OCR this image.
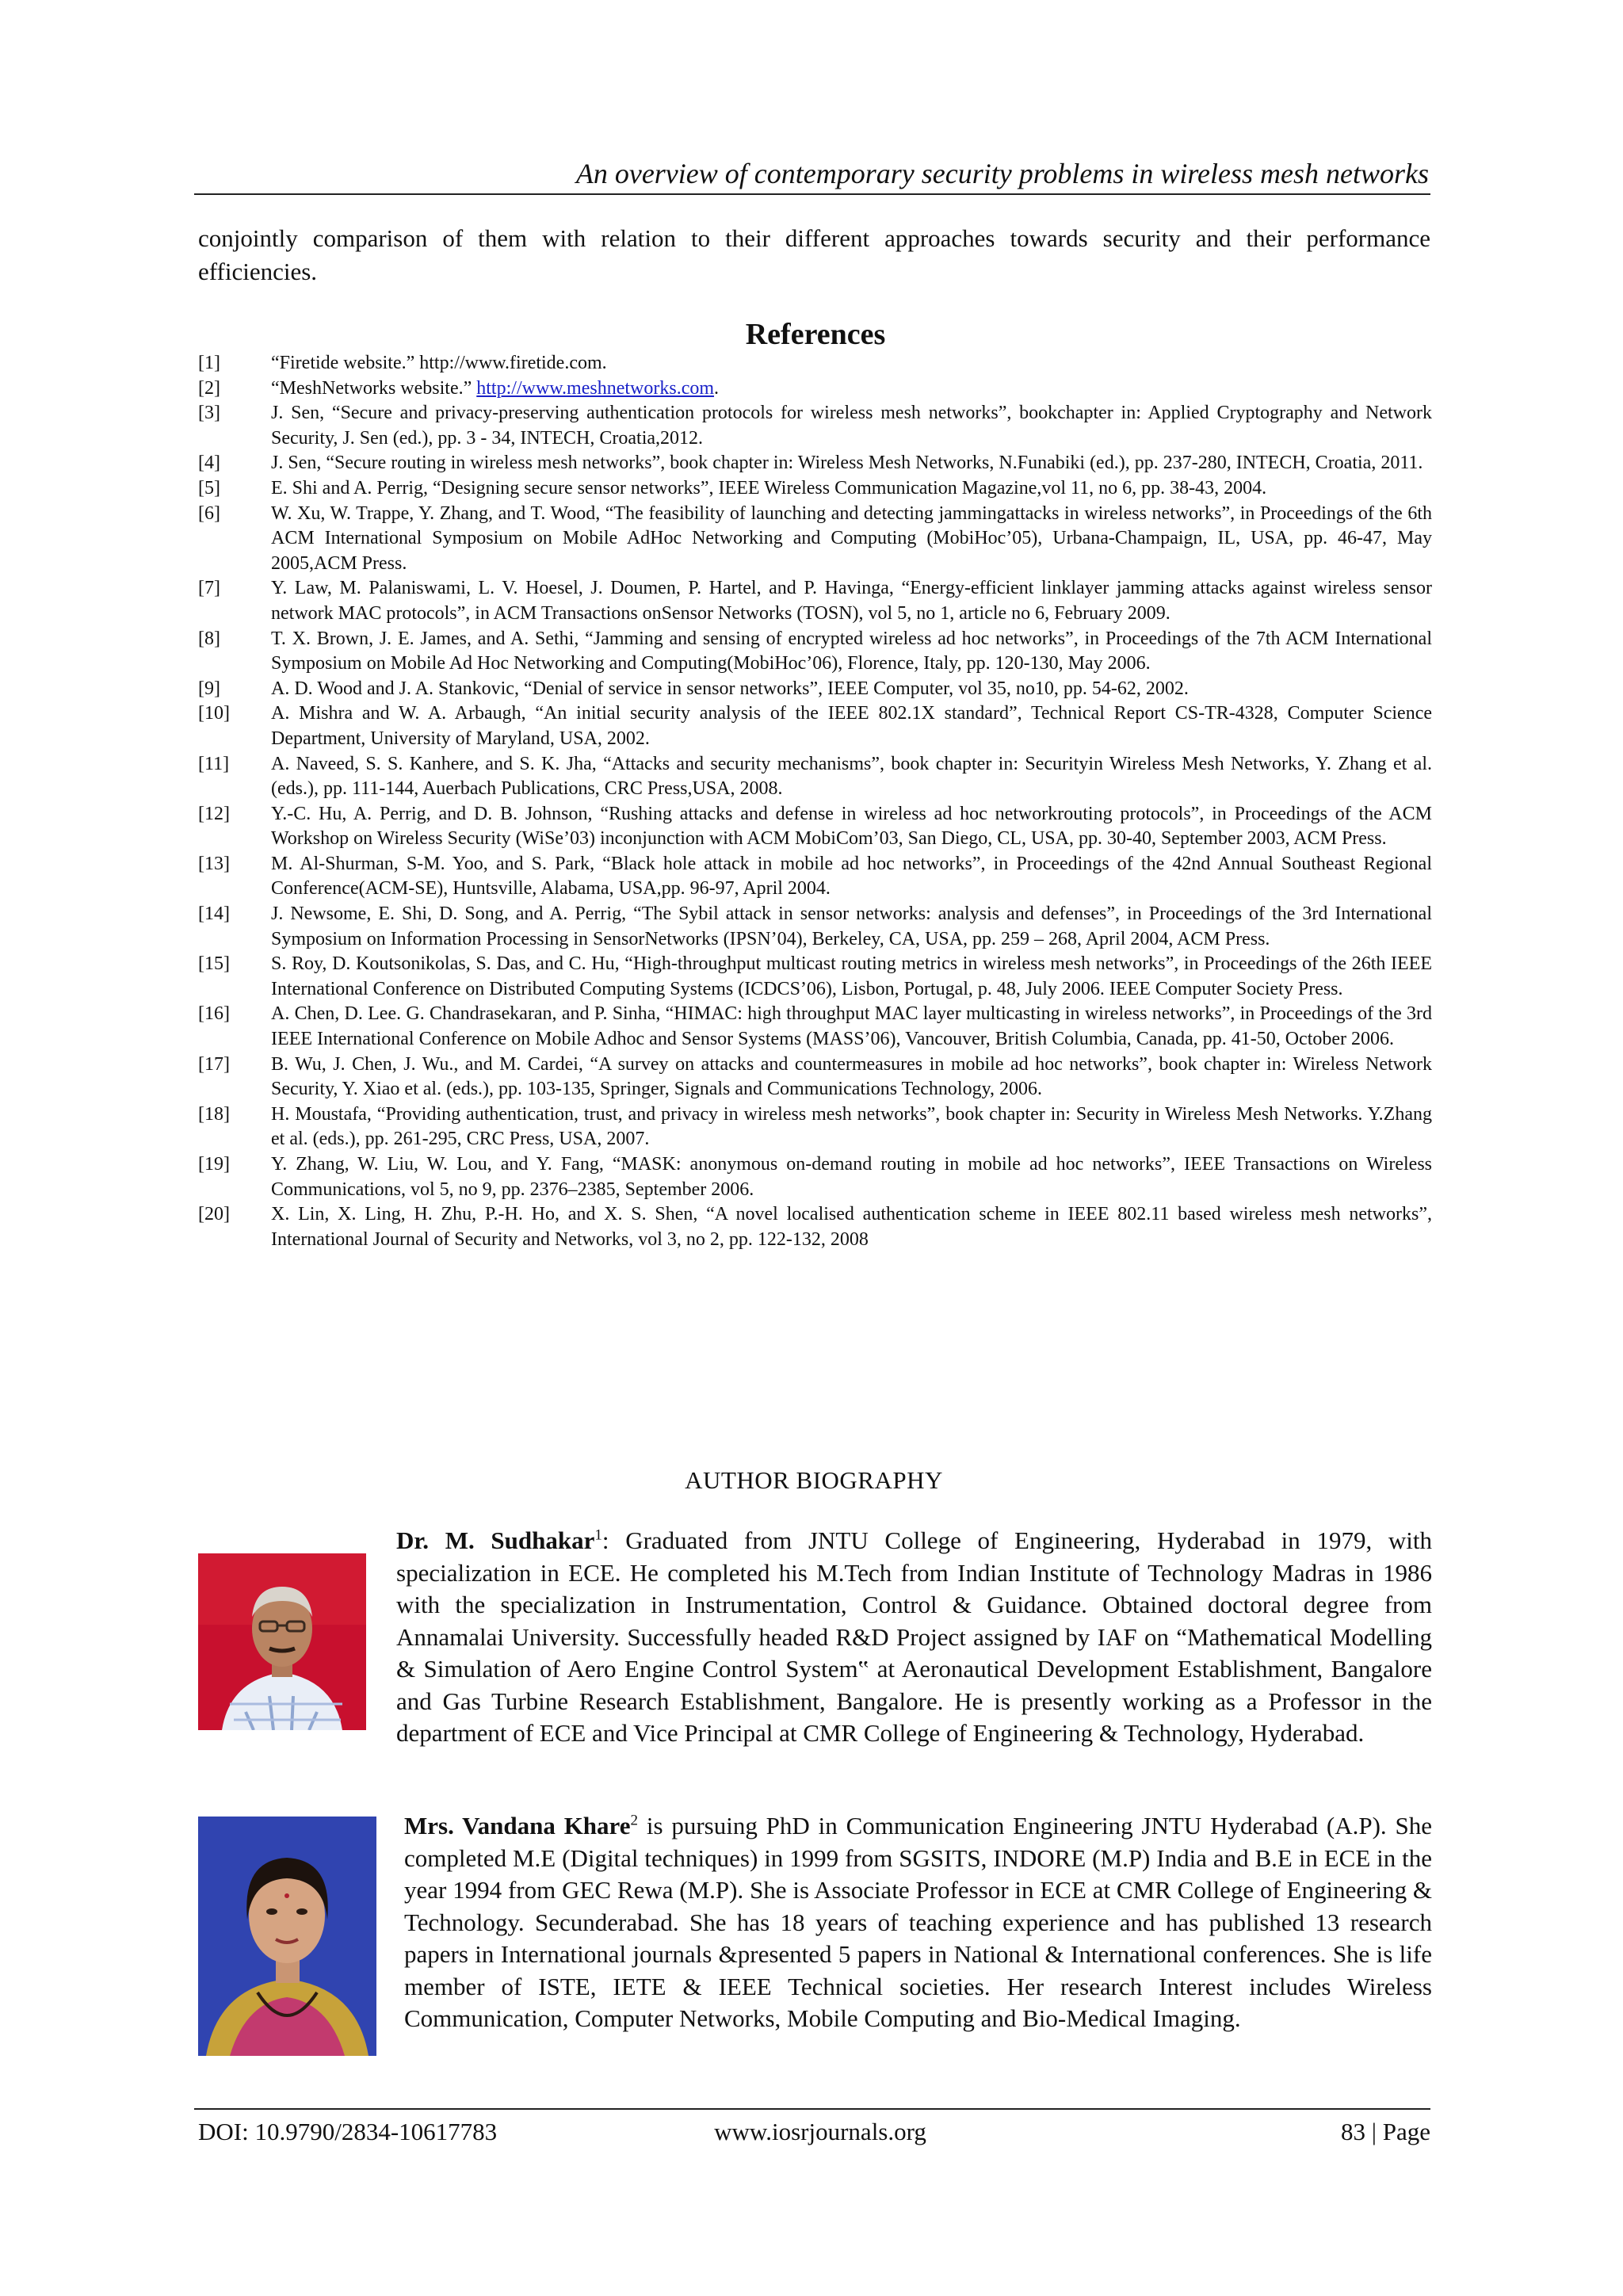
An overview of contemporary security problems in wireless mesh networks
conjointly comparison of them with relation to their different approaches towards security and their performance efficiencies.
References
[1]	“Firetide website.” http://www.firetide.com.
[2]	“MeshNetworks website.” http://www.meshnetworks.com.
[3]	J. Sen, “Secure and privacy-preserving authentication protocols for wireless mesh networks”, bookchapter in: Applied Cryptography and Network Security, J. Sen (ed.), pp. 3 - 34, INTECH, Croatia,2012.
[4]	J. Sen, “Secure routing in wireless mesh networks”, book chapter in: Wireless Mesh Networks, N.Funabiki (ed.), pp. 237-280, INTECH, Croatia, 2011.
[5]	E. Shi and A. Perrig, “Designing secure sensor networks”, IEEE Wireless Communication Magazine,vol 11, no 6, pp. 38-43, 2004.
[6]	W. Xu, W. Trappe, Y. Zhang, and T. Wood, “The feasibility of launching and detecting jammingattacks in wireless networks”, in Proceedings of the 6th ACM International Symposium on Mobile AdHoc Networking and Computing (MobiHoc’05), Urbana-Champaign, IL, USA, pp. 46-47, May 2005,ACM Press.
[7]	Y. Law, M. Palaniswami, L. V. Hoesel, J. Doumen, P. Hartel, and P. Havinga, “Energy-efficient linklayer jamming attacks against wireless sensor network MAC protocols”, in ACM Transactions onSensor Networks (TOSN), vol 5, no 1, article no 6, February 2009.
[8]	T. X. Brown, J. E. James, and A. Sethi, “Jamming and sensing of encrypted wireless ad hoc networks”, in Proceedings of the 7th ACM International Symposium on Mobile Ad Hoc Networking and Computing(MobiHoc’06), Florence, Italy, pp. 120-130, May 2006.
[9]	A. D. Wood and J. A. Stankovic, “Denial of service in sensor networks”, IEEE Computer, vol 35, no10, pp. 54-62, 2002.
[10]	A. Mishra and W. A. Arbaugh, “An initial security analysis of the IEEE 802.1X standard”, Technical Report CS-TR-4328, Computer Science Department, University of Maryland, USA, 2002.
[11]	A. Naveed, S. S. Kanhere, and S. K. Jha, “Attacks and security mechanisms”, book chapter in: Securityin Wireless Mesh Networks, Y. Zhang et al. (eds.), pp. 111-144, Auerbach Publications, CRC Press,USA, 2008.
[12]	Y.-C. Hu, A. Perrig, and D. B. Johnson, “Rushing attacks and defense in wireless ad hoc networkrouting protocols”, in Proceedings of the ACM Workshop on Wireless Security (WiSe’03) inconjunction with ACM MobiCom’03, San Diego, CL, USA, pp. 30-40, September 2003, ACM Press.
[13]	M. Al-Shurman, S-M. Yoo, and S. Park, “Black hole attack in mobile ad hoc networks”, in Proceedings of the 42nd Annual Southeast Regional Conference(ACM-SE), Huntsville, Alabama, USA,pp. 96-97, April 2004.
[14]	J. Newsome, E. Shi, D. Song, and A. Perrig, “The Sybil attack in sensor networks: analysis and defenses”, in Proceedings of the 3rd International Symposium on Information Processing in SensorNetworks (IPSN’04), Berkeley, CA, USA, pp. 259 – 268, April 2004, ACM Press.
[15]	S. Roy, D. Koutsonikolas, S. Das, and C. Hu, “High-throughput multicast routing metrics in wireless mesh networks”, in Proceedings of the 26th IEEE International Conference on Distributed Computing Systems (ICDCS’06), Lisbon, Portugal, p. 48, July 2006. IEEE Computer Society Press.
[16]	A. Chen, D. Lee. G. Chandrasekaran, and P. Sinha, “HIMAC: high throughput MAC layer multicasting in wireless networks”, in Proceedings of the 3rd IEEE International Conference on Mobile Adhoc and Sensor Systems (MASS’06), Vancouver, British Columbia, Canada, pp. 41-50, October 2006.
[17]	B. Wu, J. Chen, J. Wu., and M. Cardei, “A survey on attacks and countermeasures in mobile ad hoc networks”, book chapter in: Wireless Network Security, Y. Xiao et al. (eds.), pp. 103-135, Springer, Signals and Communications Technology, 2006.
[18]	H. Moustafa, “Providing authentication, trust, and privacy in wireless mesh networks”, book chapter in: Security in Wireless Mesh Networks. Y.Zhang et al. (eds.), pp. 261-295, CRC Press, USA, 2007.
[19]	Y. Zhang, W. Liu, W. Lou, and Y. Fang, “MASK: anonymous on-demand routing in mobile ad hoc networks”, IEEE Transactions on Wireless Communications, vol 5, no 9, pp. 2376–2385, September 2006.
[20]	X. Lin, X. Ling, H. Zhu, P.-H. Ho, and X. S. Shen, “A novel localised authentication scheme in IEEE 802.11 based wireless mesh networks”, International Journal of Security and Networks, vol 3, no 2, pp. 122-132, 2008
AUTHOR BIOGRAPHY
Dr. M. Sudhakar$^1$: Graduated from JNTU College of Engineering, Hyderabad in 1979, with specialization in ECE. He completed his M.Tech from Indian Institute of Technology Madras in 1986 with the specialization in Instrumentation, Control & Guidance. Obtained doctoral degree from Annamalai University. Successfully headed R&D Project assigned by IAF on “Mathematical Modelling & Simulation of Aero Engine Control System‟ at Aeronautical Development Establishment, Bangalore and Gas Turbine Research Establishment, Bangalore. He is presently working as a Professor in the department of ECE and Vice Principal at CMR College of Engineering & Technology, Hyderabad.
Mrs. Vandana Khare$^2$ is pursuing PhD in Communication Engineering JNTU Hyderabad (A.P). She completed M.E (Digital techniques) in 1999 from SGSITS, INDORE (M.P) India and B.E in ECE in the year 1994 from GEC Rewa (M.P). She is Associate Professor in ECE at CMR College of Engineering & Technology. Secunderabad. She has 18 years of teaching experience and has published 13 research papers in International journals &presented 5 papers in National & International conferences. She is life member of ISTE, IETE & IEEE Technical societies. Her research Interest includes Wireless Communication, Computer Networks, Mobile Computing and Bio-Medical Imaging.
DOI: 10.9790/2834-10617783	www.iosrjournals.org	83 | Page
